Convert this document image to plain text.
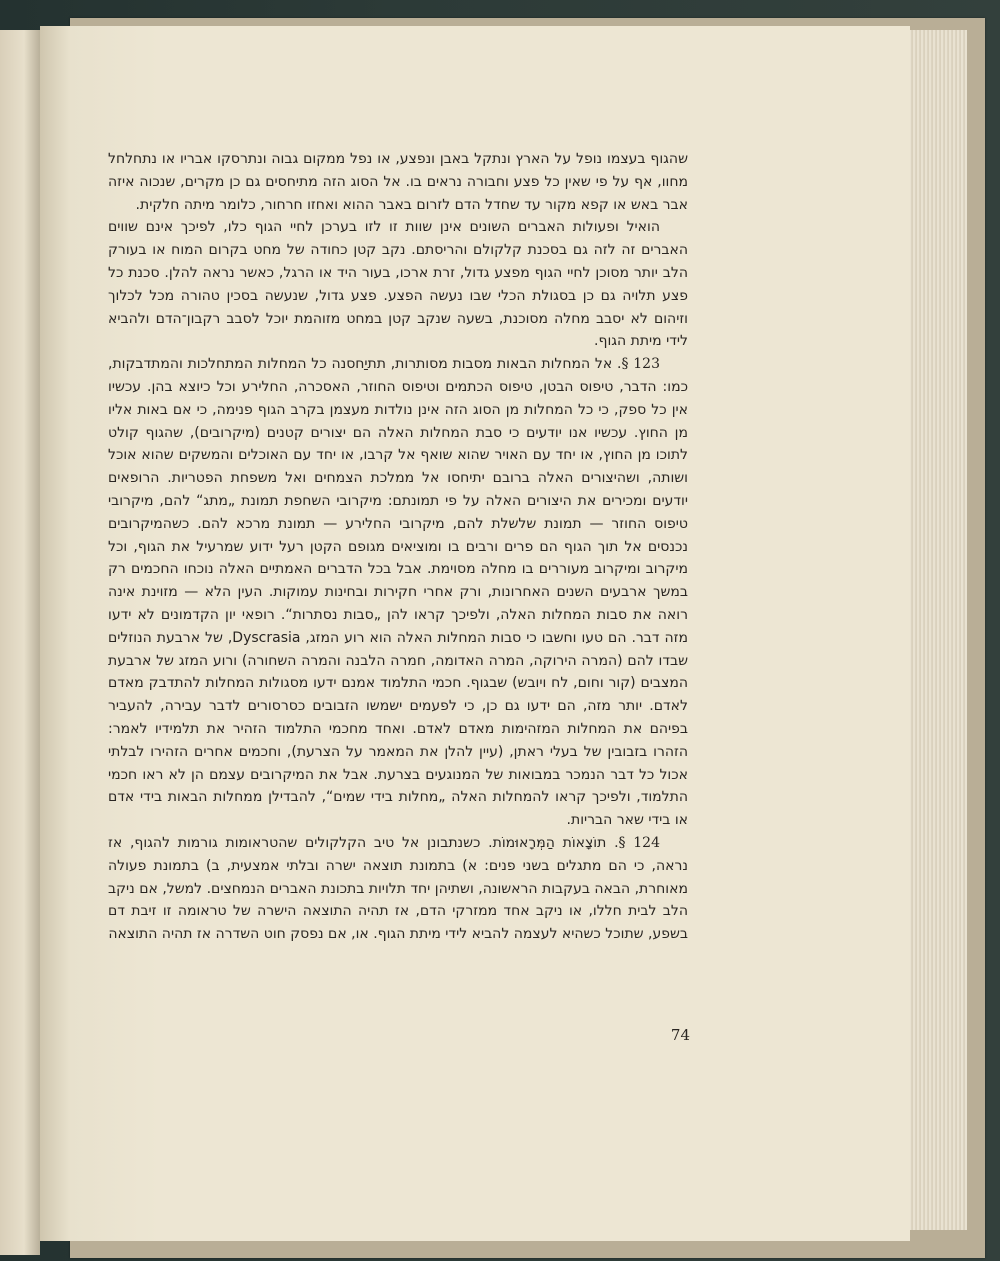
שהגוף בעצמו נופל על הארץ ונתקל באבן ונפצע, או נפל ממקום גבוה ונתרסקו אבריו או נתחלחל מחוו, אף על פי שאין כל פצע וחבורה נראים בו. אל הסוג הזה מתיחסים גם כן מקרים, שנכוה איזה אבר באש או קפא מקור עד שחדל הדם לזרום באבר ההוא ואחזו חרחור, כלומר מיתה חלקית.

הואיל ופעולות האברים השונים אינן שוות זו לזו בערכן לחיי הגוף כלו, לפיכך אינם שווים האברים זה לזה גם בסכנת קלקולם והריסתם. נקב קטן כחודה של מחט בקרום המוח או בעורק הלב יותר מסוכן לחיי הגוף מפצע גדול, זרת ארכו, בעור היד או הרגל, כאשר נראה להלן. סכנת כל פצע תלויה גם כן בסגולת הכלי שבו נעשה הפצע. פצע גדול, שנעשה בסכין טהורה מכל לכלוך וזיהום לא יסבב מחלה מסוכנת, בשעה שנקב קטן במחט מזוהמת יוכל לסבב רקבון־הדם ולהביא לידי מיתת הגוף.

123 §. אל המחלות הבאות מסבות מסותרות, תתיַחסנה כל המחלות המתחלכות והמתדבקות, כמו: הדבר, טיפוס הבטן, טיפוס הכתמים וטיפוס החוזר, האסכרה, החלירע וכל כיוצא בהן. עכשיו אין כל ספק, כי כל המחלות מן הסוג הזה אינן נולדות מעצמן בקרב הגוף פנימה, כי אם באות אליו מן החוץ. עכשיו אנו יודעים כי סבת המחלות האלה הם יצורים קטנים (מיקרובים), שהגוף קולט לתוכו מן החוץ, או יחד עם האויר שהוא שואף אל קרבו, או יחד עם האוכלים והמשקים שהוא אוכל ושותה, ושהיצורים האלה ברובם יתיחסו אל ממלכת הצמחים ואל משפחת הפטריות. הרופאים יודעים ומכירים את היצורים האלה על פי תמונתם: מיקרובי השחפת תמונת „מתג“ להם, מיקרובי טיפוס החוזר — תמונת שלשלת להם, מיקרובי החלירע — תמונת מרכא להם. כשהמיקרובים נכנסים אל תוך הגוף הם פרים ורבים בו ומוציאים מגופם הקטן רעל ידוע שמרעיל את הגוף, וכל מיקרוב ומיקרוב מעוררים בו מחלה מסוימת. אבל בכל הדברים האמתיים האלה נוכחו החכמים רק במשך ארבעים השנים האחרונות, ורק אחרי חקירות ובחינות עמוקות. העין הלא — מזוינת אינה רואה את סבות המחלות האלה, ולפיכך קראו להן „סבות נסתרות“. רופאי יון הקדמונים לא ידעו מזה דבר. הם טעו וחשבו כי סבות המחלות האלה הוא רוע המזג, Dyscrasia, של ארבעת הנוזלים שבדו להם (המרה הירוקה, המרה האדומה, חמרה הלבנה והמרה השחורה) ורוע המזג של ארבעת המצבים (קור וחום, לח ויובש) שבגוף. חכמי התלמוד אמנם ידעו מסגולות המחלות להתדבק מאדם לאדם. יותר מזה, הם ידעו גם כן, כי לפעמים ישמשו הזבובים כסרסורים לדבר עבירה, להעביר בפיהם את המחלות המזהימות מאדם לאדם. ואחד מחכמי התלמוד הזהיר את תלמידיו לאמר: הזהרו בזבובין של בעלי ראתן, (עיין להלן את המאמר על הצרעת), וחכמים אחרים הזהירו לבלתי אכול כל דבר הנמכר במבואות של המנוגעים בצרעת. אבל את המיקרובים עצמם הן לא ראו חכמי התלמוד, ולפיכך קראו להמחלות האלה „מחלות בידי שמים“, להבדילן ממחלות הבאות בידי אדם או בידי שאר הבריות.

124 §. תוֹצָאוֹת הַמְּרָאוּמוֹת. כשנתבונן אל טיב הקלקולים שהטראומות גורמות להגוף, אז נראה, כי הם מתגלים בשני פנים: א) בתמונת תוצאה ישרה ובלתי אמצעית, ב) בתמונת פעולה מאוחרת, הבאה בעקבות הראשונה, ושתיהן יחד תלויות בתכונת האברים הנמחצים. למשל, אם ניקב הלב לבית חללו, או ניקב אחד ממזרקי הדם, אז תהיה התוצאה הישרה של טראומה זו זיבת דם בשפע, שתוכל כשהיא לעצמה להביא לידי מיתת הגוף. או, אם נפסק חוט השדרה אז תהיה התוצאה

74
